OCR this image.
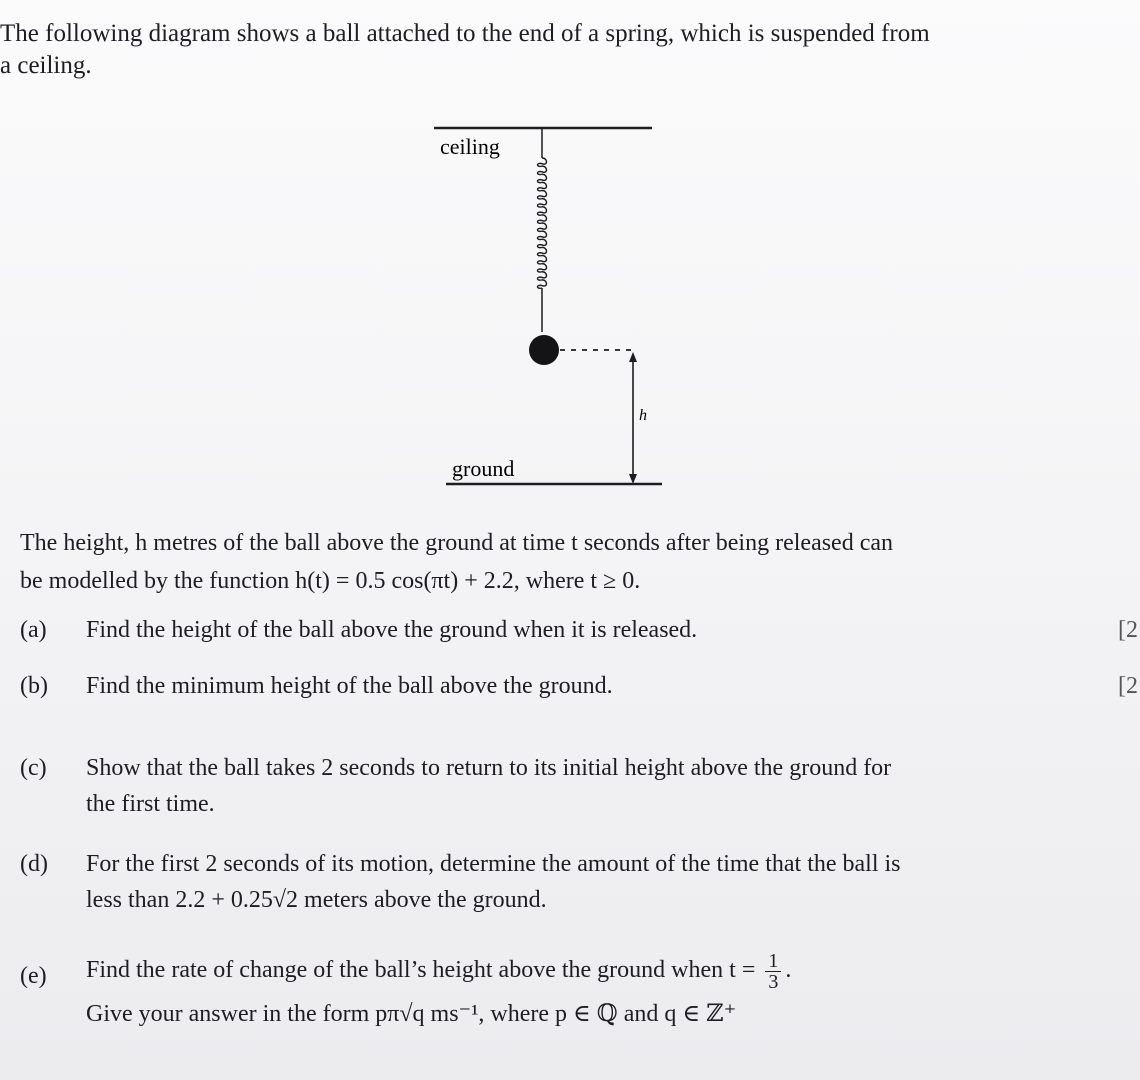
The following diagram shows a ball attached to the end of a spring, which is suspended from
a ceiling.
ceiling
h
ground
The height, h metres of the ball above the ground at time t seconds after being released can
be modelled by the function h(t) = 0.5 cos(πt) + 2.2, where t ≥ 0.
(a) Find the height of the ball above the ground when it is released.	[2
(b) Find the minimum height of the ball above the ground.	[2
(c) Show that the ball takes 2 seconds to return to its initial height above the ground for
the first time.
(d) For the first 2 seconds of its motion, determine the amount of the time that the ball is
less than 2.2 + 0.25√2 meters above the ground.
(e) Find the rate of change of the ball’s height above the ground when $t = \frac{1}{3}$ .
Give your answer in the form pπ√q ms⁻¹, where p ∈ ℚ and q ∈ ℤ⁺
